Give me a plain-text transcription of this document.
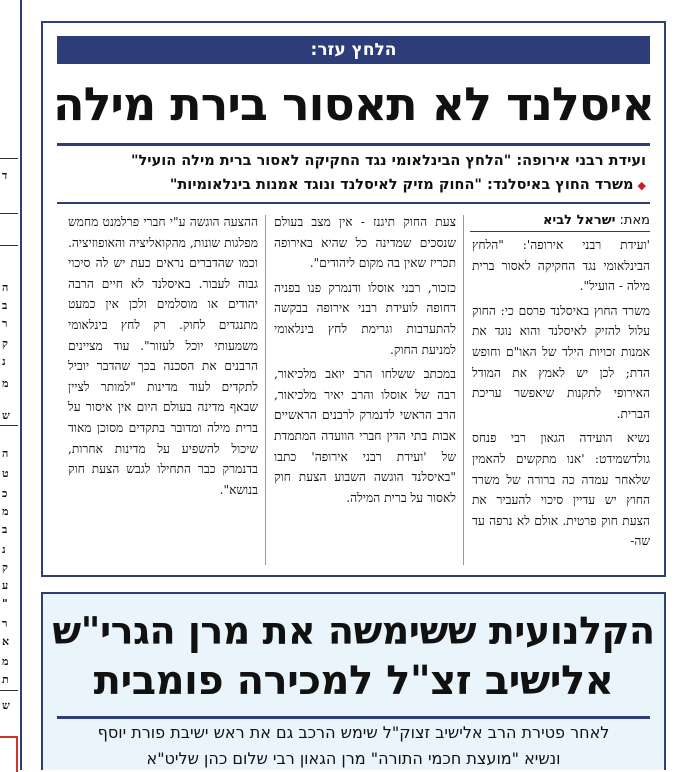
ד
ה
ב
ר
ק
נ
מ
ש
ה
ט
כ
מ
ב
נ
ק
ע
"
ר
א
מ
ת
ש
הלחץ עזר:
איסלנד לא תאסור בירת מילה
ועידת רבני אירופה: "הלחץ הבינלאומי נגד החקיקה לאסור ברית מילה הועיל"
◆משרד החוץ באיסלנד: "החוק מזיק לאיסלנד ונוגד אמנות בינלאומיות"
מאת: ישראל לביא

'ועידת רבני אירופה': "הלחץ הבינלאומי נגד החקיקה לאסור ברית מילה - הועיל".

משרד החוץ באיסלנד פרסם כי: החוק עלול להזיק לאיסלנד והוא נוגד את אמנות זכויות הילד של האו"ם וחופש הדת; לכן יש לאמץ את המודל האירופי לתקנות שיאפשר עריכת הברית.

נשיא הועידה הגאון רבי פנחס גולדשמידט: 'אנו מתקשים להאמין שלאחר עמדה כה ברורה של משרד החוץ יש עדיין סיכוי להעביר את הצעת חוק פרטית. אולם לא נרפה עד שה-

צעת החוק תיגנז - אין מצב בעולם שנסכים שמדינה כל שהיא באירופה תכריז שאין בה מקום ליהודים".

כזכור, רבני אוסלו ודנמרק פנו בפניה דחופה לועידת רבני אירופה בבקשה להתערבות וגרימת לחץ בינלאומי למניעת החוק.

במכתב ששלחו הרב יואב מלכיאור, רבה של אוסלו והרב יאיר מלכיאור, הרב הראשי לדנמרק לרבנים הראשיים אבות בתי הדין חברי הוועדה המתמדת של 'ועידת רבני אירופה' כתבו "באיסלנד הוגשה השבוע הצעת חוק לאסור על ברית המילה.

ההצעה הוגשה ע"י חברי פרלמנט מחמש מפלגות שונות, מהקואליציה והאופוזיציה. וכמו שהדברים נראים כעת יש לה סיכוי גבוה לעבור. באיסלנד לא חיים הרבה יהודים או מוסלמים ולכן אין כמעט מתנגדים לחוק. רק לחץ בינלאומי משמעותי יוכל לעזור". עוד מציינים הרבנים את הסכנה בכך שהדבר יוביל לתקדים לעוד מדינות "למותר לציין שבאף מדינה בעולם היום אין איסור על ברית מילה ומדובר בתקדים מסוכן מאוד שיכול להשפיע על מדינות אחרות, בדנמרק כבר התחילו לגבש הצעת חוק בנושא".

הקלנועית ששימשה את מרן הגרי"ש
אלישיב זצ"ל למכירה פומבית
לאחר פטירת הרב אלישיב זצוק"ל שימש הרכב גם את ראש ישיבת פורת יוסף
ונשיא "מועצת חכמי התורה" מרן הגאון רבי שלום כהן שליט"א
